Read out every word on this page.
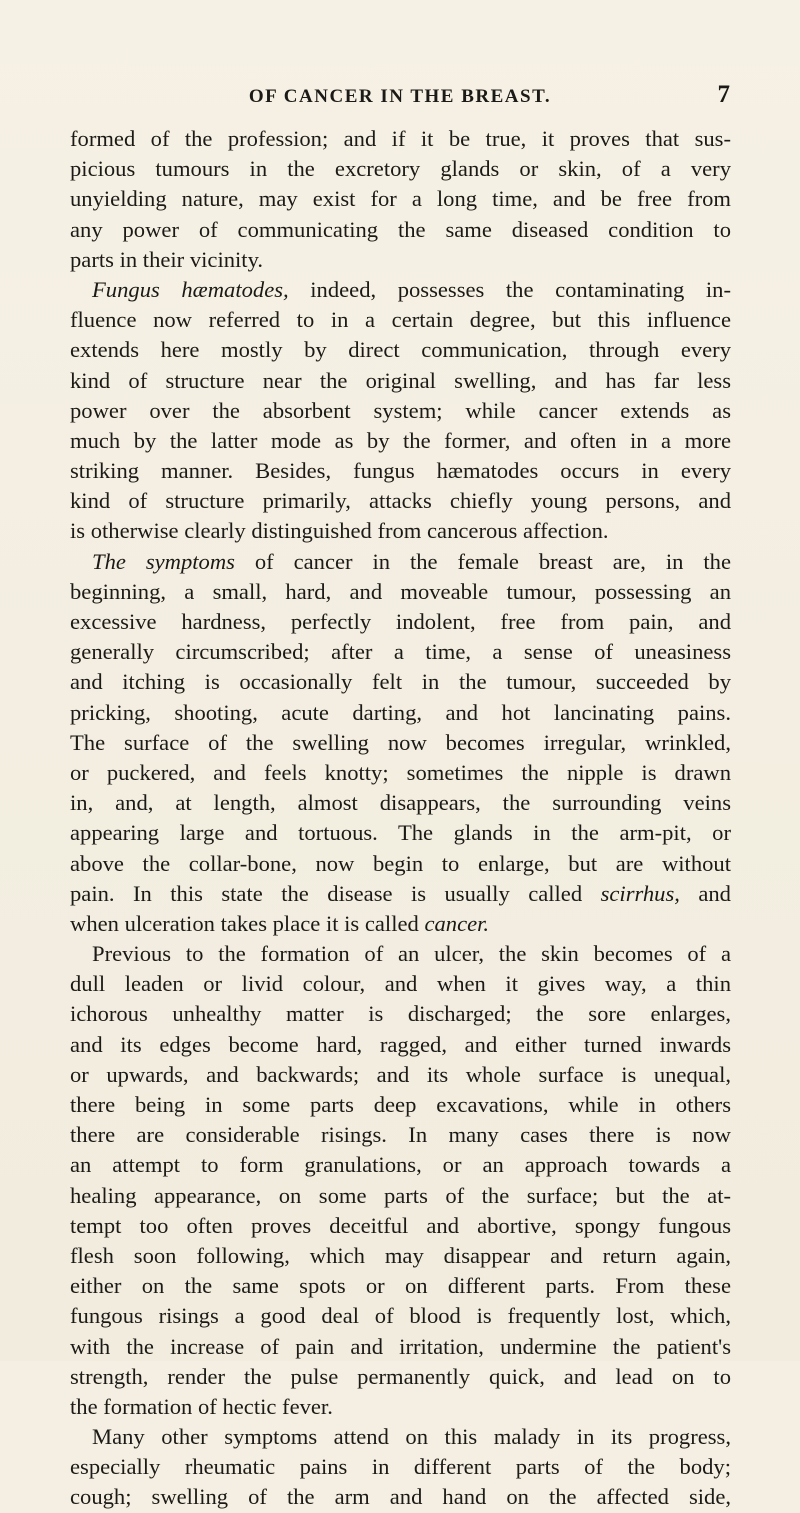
OF CANCER IN THE BREAST.	7
formed of the profession; and if it be true, it proves that sus-
picious tumours in the excretory glands or skin, of a very
unyielding nature, may exist for a long time, and be free from
any power of communicating the same diseased condition to
parts in their vicinity.
Fungus hæmatodes, indeed, possesses the contaminating in-
fluence now referred to in a certain degree, but this influence
extends here mostly by direct communication, through every
kind of structure near the original swelling, and has far less
power over the absorbent system; while cancer extends as
much by the latter mode as by the former, and often in a more
striking manner. Besides, fungus hæmatodes occurs in every
kind of structure primarily, attacks chiefly young persons, and
is otherwise clearly distinguished from cancerous affection.
The symptoms of cancer in the female breast are, in the
beginning, a small, hard, and moveable tumour, possessing an
excessive hardness, perfectly indolent, free from pain, and
generally circumscribed; after a time, a sense of uneasiness
and itching is occasionally felt in the tumour, succeeded by
pricking, shooting, acute darting, and hot lancinating pains.
The surface of the swelling now becomes irregular, wrinkled,
or puckered, and feels knotty; sometimes the nipple is drawn
in, and, at length, almost disappears, the surrounding veins
appearing large and tortuous. The glands in the arm-pit, or
above the collar-bone, now begin to enlarge, but are without
pain. In this state the disease is usually called scirrhus, and
when ulceration takes place it is called cancer.
Previous to the formation of an ulcer, the skin becomes of a
dull leaden or livid colour, and when it gives way, a thin
ichorous unhealthy matter is discharged; the sore enlarges,
and its edges become hard, ragged, and either turned inwards
or upwards, and backwards; and its whole surface is unequal,
there being in some parts deep excavations, while in others
there are considerable risings. In many cases there is now
an attempt to form granulations, or an approach towards a
healing appearance, on some parts of the surface; but the at-
tempt too often proves deceitful and abortive, spongy fungous
flesh soon following, which may disappear and return again,
either on the same spots or on different parts. From these
fungous risings a good deal of blood is frequently lost, which,
with the increase of pain and irritation, undermine the patient's
strength, render the pulse permanently quick, and lead on to
the formation of hectic fever.
Many other symptoms attend on this malady in its progress,
especially rheumatic pains in different parts of the body;
cough; swelling of the arm and hand on the affected side,
